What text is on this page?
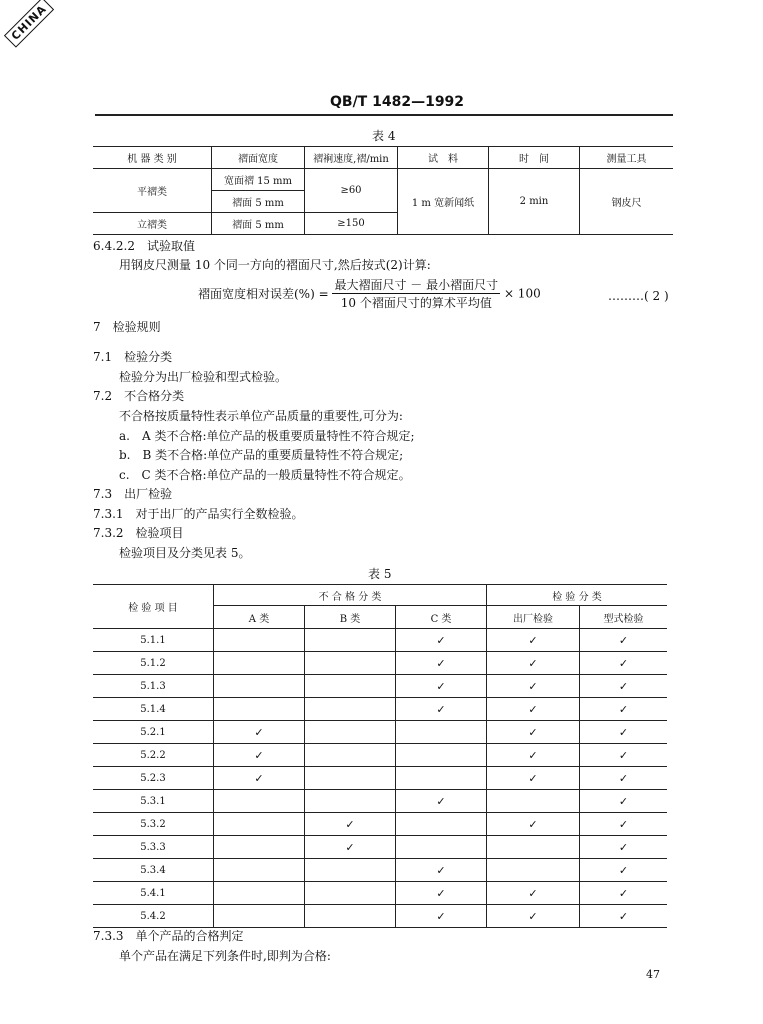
CHINA
QB/T 1482—1992
表 4
机 器 类 别	褶面宽度	褶裥速度,褶/min	试　料	时　间	测量工具
平褶类	宽面褶 15 mm	≥60	1 m 宽新闻纸	2 min	钢皮尺
	褶面 5 mm				
立褶类	褶面 5 mm	≥150			
6.4.2.2　试验取值
用钢皮尺测量 10 个同一方向的褶面尺寸,然后按式(2)计算:
褶面宽度相对误差(%) = $\frac{\text{最大褶面尺寸 － 最小褶面尺寸}}{\text{10 个褶面尺寸的算术平均值}} \times 100$	………( 2 )
7　检验规则
7.1　检验分类
检验分为出厂检验和型式检验。
7.2　不合格分类
不合格按质量特性表示单位产品质量的重要性,可分为:
a.　A 类不合格:单位产品的极重要质量特性不符合规定;
b.　B 类不合格:单位产品的重要质量特性不符合规定;
c.　C 类不合格:单位产品的一般质量特性不符合规定。
7.3　出厂检验
7.3.1　对于出厂的产品实行全数检验。
7.3.2　检验项目
检验项目及分类见表 5。
表 5
检 验 项 目	不 合 格 分 类			检 验 分 类	
	A 类	B 类	C 类	出厂检验	型式检验
5.1.1			✓	✓	✓
5.1.2			✓	✓	✓
5.1.3			✓	✓	✓
5.1.4			✓	✓	✓
5.2.1	✓			✓	✓
5.2.2	✓			✓	✓
5.2.3	✓			✓	✓
5.3.1			✓		✓
5.3.2		✓		✓	✓
5.3.3		✓			✓
5.3.4			✓		✓
5.4.1			✓	✓	✓
5.4.2			✓	✓	✓
7.3.3　单个产品的合格判定
单个产品在满足下列条件时,即判为合格:
47
